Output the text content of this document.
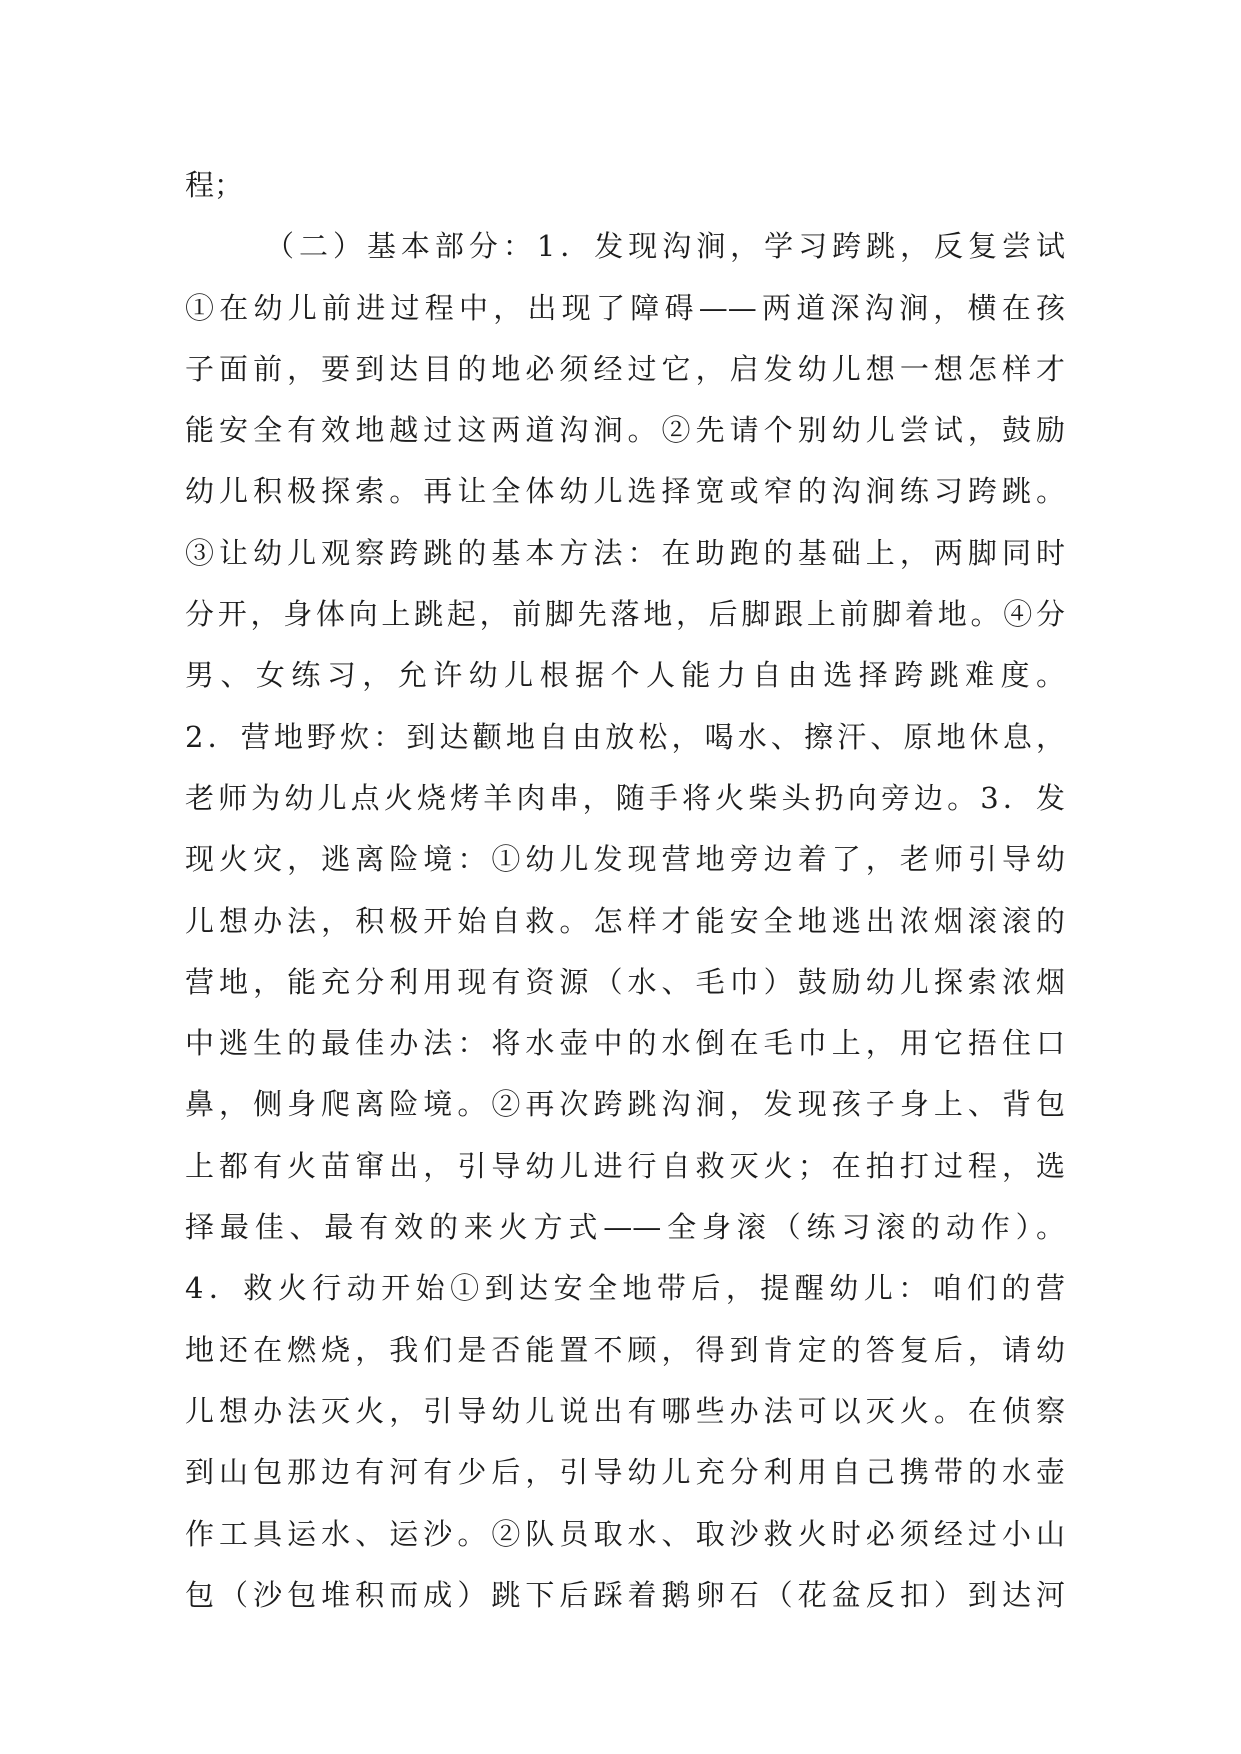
程；
（二）基本部分：1．发现沟涧，学习跨跳，反复尝试
①在幼儿前进过程中，出现了障碍——两道深沟涧，横在孩
子面前，要到达目的地必须经过它，启发幼儿想一想怎样才
能安全有效地越过这两道沟涧。②先请个别幼儿尝试，鼓励
幼儿积极探索。再让全体幼儿选择宽或窄的沟涧练习跨跳。
③让幼儿观察跨跳的基本方法：在助跑的基础上，两脚同时
分开，身体向上跳起，前脚先落地，后脚跟上前脚着地。④分
男、女练习，允许幼儿根据个人能力自由选择跨跳难度。
2．营地野炊：到达颧地自由放松，喝水、擦汗、原地休息，
老师为幼儿点火烧烤羊肉串，随手将火柴头扔向旁边。3．发
现火灾，逃离险境：①幼儿发现营地旁边着了，老师引导幼
儿想办法，积极开始自救。怎样才能安全地逃出浓烟滚滚的
营地，能充分利用现有资源（水、毛巾）鼓励幼儿探索浓烟
中逃生的最佳办法：将水壶中的水倒在毛巾上，用它捂住口
鼻，侧身爬离险境。②再次跨跳沟涧，发现孩子身上、背包
上都有火苗窜出，引导幼儿进行自救灭火；在拍打过程，选
择最佳、最有效的来火方式——全身滚（练习滚的动作）。
4．救火行动开始①到达安全地带后，提醒幼儿：咱们的营
地还在燃烧，我们是否能置不顾，得到肯定的答复后，请幼
儿想办法灭火，引导幼儿说出有哪些办法可以灭火。在侦察
到山包那边有河有少后，引导幼儿充分利用自己携带的水壶
作工具运水、运沙。②队员取水、取沙救火时必须经过小山
包（沙包堆积而成）跳下后踩着鹅卵石（花盆反扣）到达河
